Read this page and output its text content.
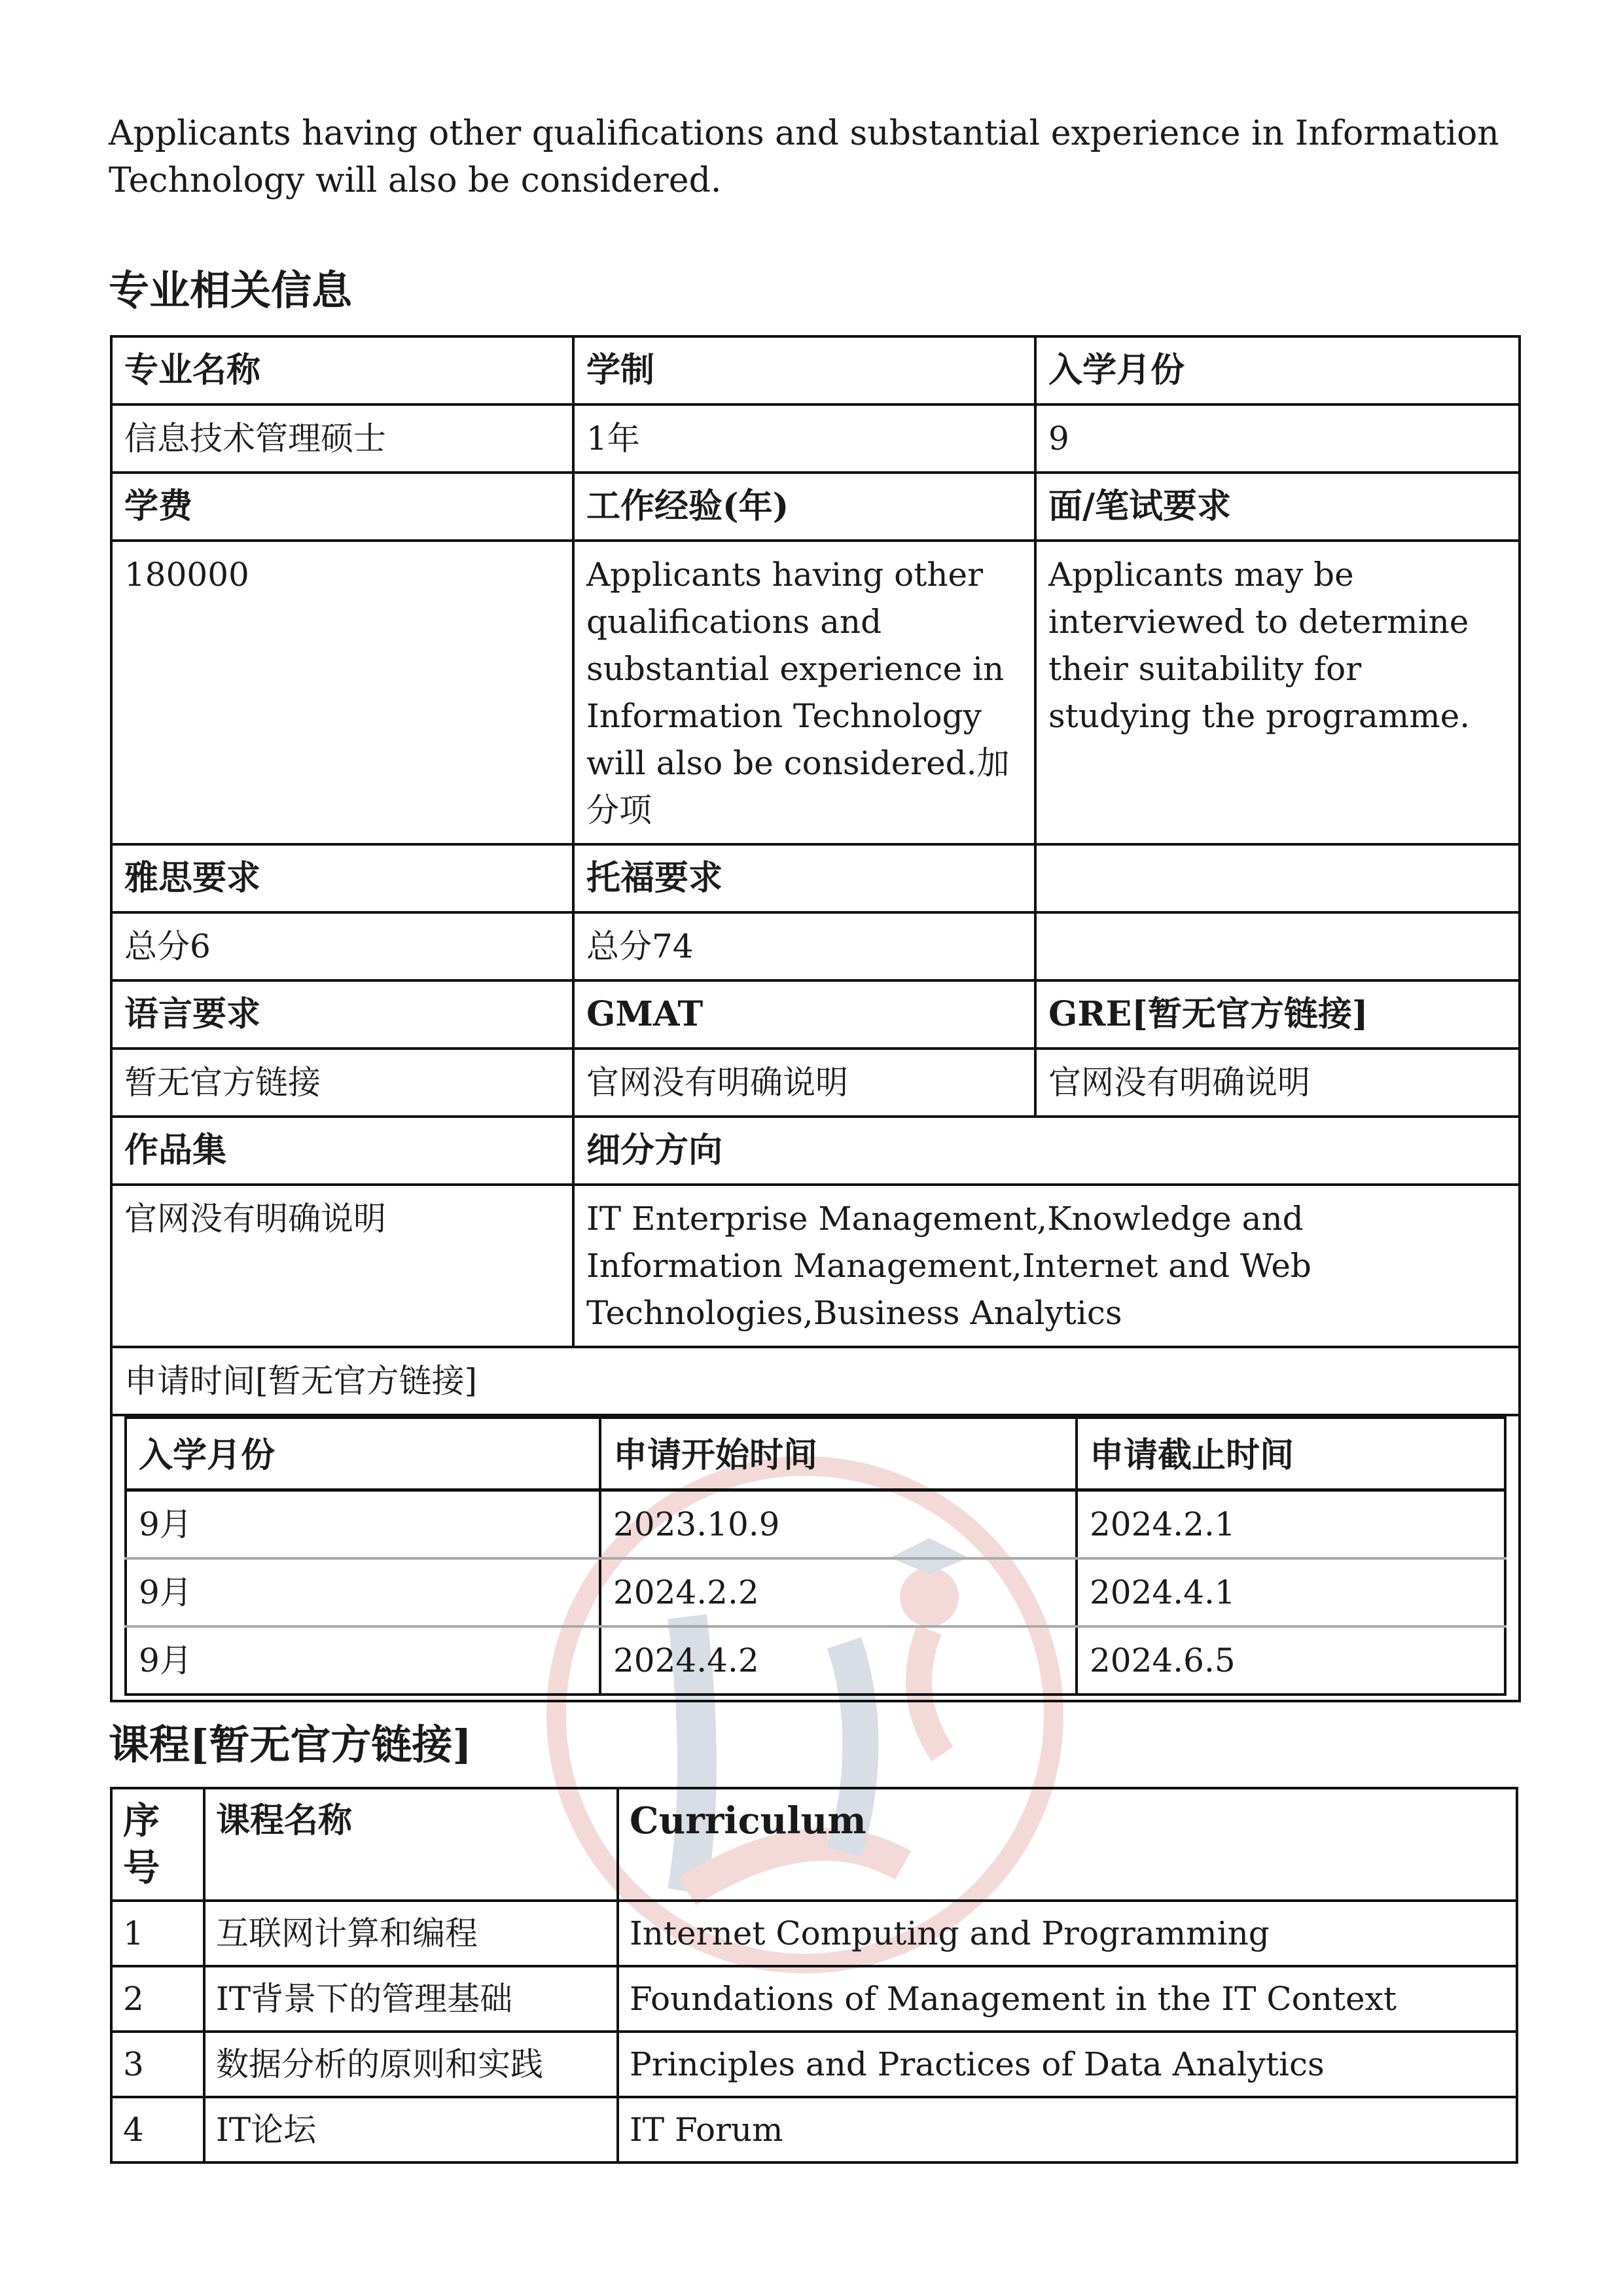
Applicants having other qualifications and substantial experience in Information Technology will also be considered.
专业相关信息
专业名称	学制	入学月份
信息技术管理硕士	1年	9
学费	工作经验(年)	面/笔试要求
180000	Applicants having other qualifications and substantial experience in Information Technology will also be considered.加分项	Applicants may be interviewed to determine their suitability for studying the programme.
雅思要求	托福要求	
总分6	总分74	
语言要求	GMAT	GRE[暂无官方链接]
暂无官方链接	官网没有明确说明	官网没有明确说明
作品集	细分方向
官网没有明确说明	IT Enterprise Management,Knowledge and Information Management,Internet and Web Technologies,Business Analytics
申请时间[暂无官方链接]

入学月份	申请开始时间	申请截止时间
9月	2023.10.9	2024.2.1
9月	2024.2.2	2024.4.1
9月	2024.4.2	2024.6.5
课程[暂无官方链接]
序号	课程名称	Curriculum
1	互联网计算和编程	Internet Computing and Programming
2	IT背景下的管理基础	Foundations of Management in the IT Context
3	数据分析的原则和实践	Principles and Practices of Data Analytics
4	IT论坛	IT Forum
